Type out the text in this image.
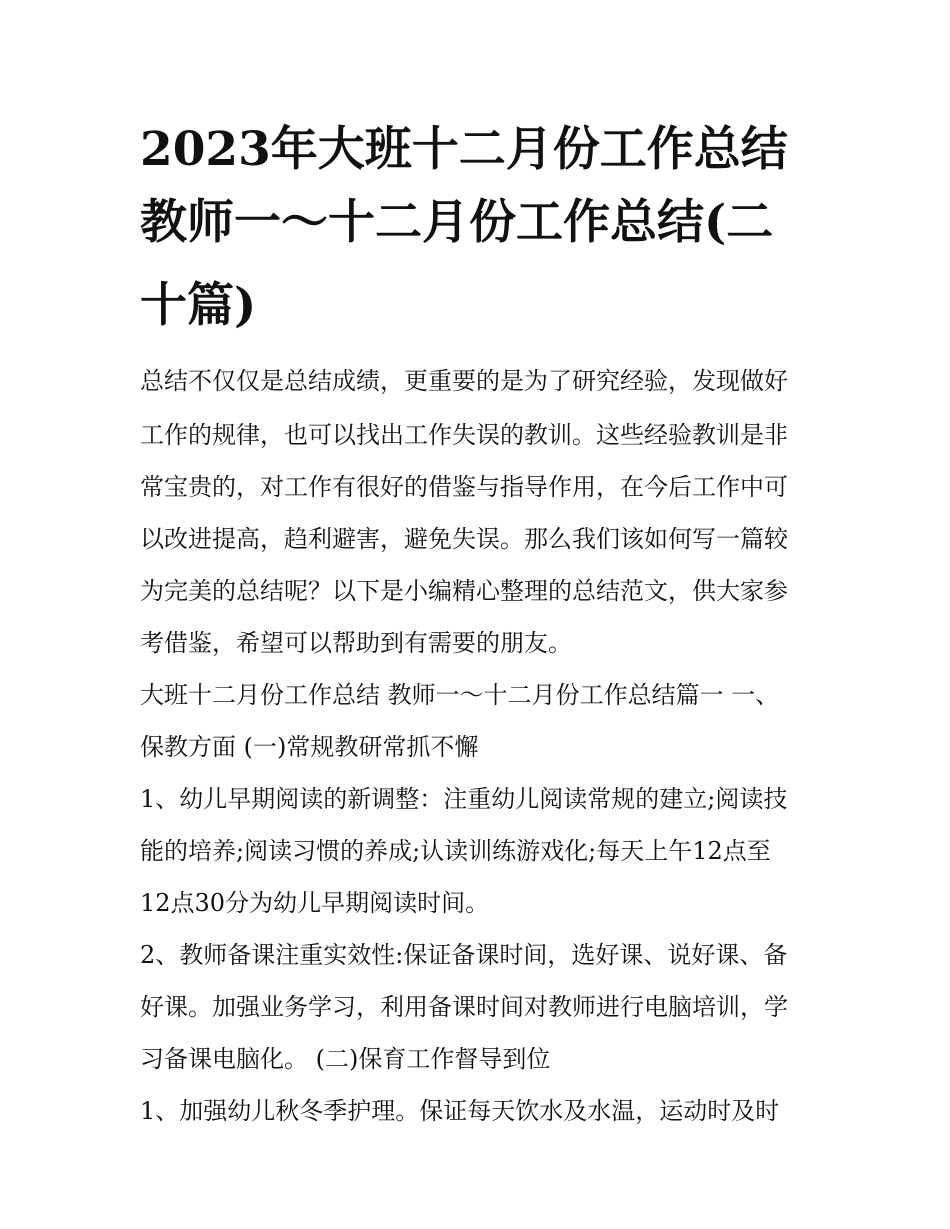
2023年大班十二月份工作总结
教师一～十二月份工作总结(二
十篇)

总结不仅仅是总结成绩，更重要的是为了研究经验，发现做好

工作的规律，也可以找出工作失误的教训。这些经验教训是非

常宝贵的，对工作有很好的借鉴与指导作用，在今后工作中可

以改进提高，趋利避害，避免失误。那么我们该如何写一篇较

为完美的总结呢？以下是小编精心整理的总结范文，供大家参

考借鉴，希望可以帮助到有需要的朋友。

大班十二月份工作总结 教师一～十二月份工作总结篇一 一、

保教方面 (一)常规教研常抓不懈

1、幼儿早期阅读的新调整：注重幼儿阅读常规的建立;阅读技

能的培养;阅读习惯的养成;认读训练游戏化;每天上午12点至

12点30分为幼儿早期阅读时间。

2、教师备课注重实效性:保证备课时间，选好课、说好课、备

好课。加强业务学习，利用备课时间对教师进行电脑培训，学

习备课电脑化。 (二)保育工作督导到位

1、加强幼儿秋冬季护理。保证每天饮水及水温，运动时及时
